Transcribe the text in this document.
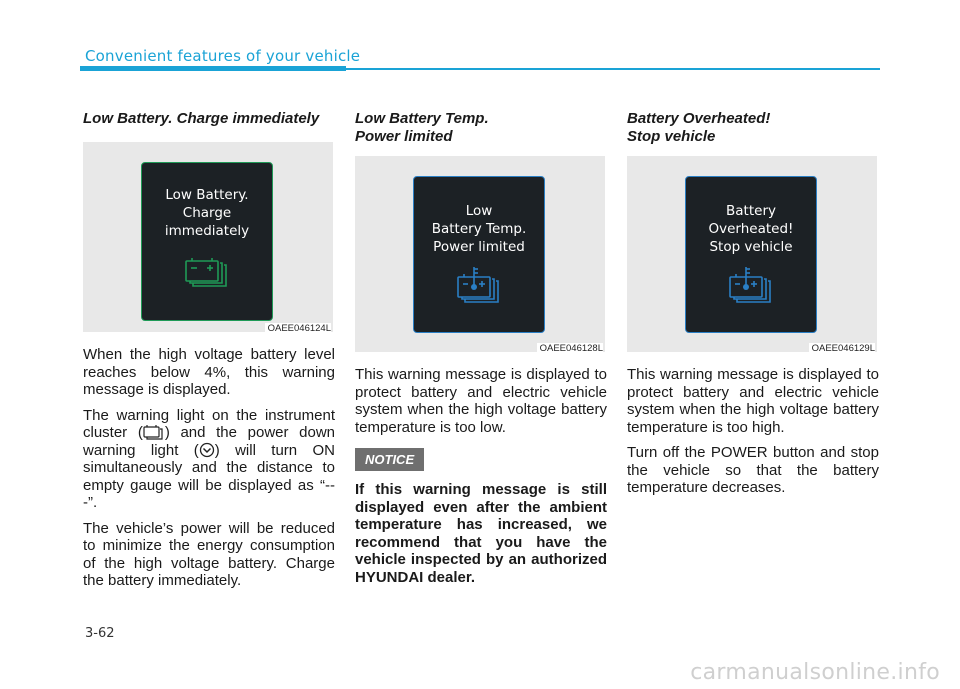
Convenient features of your vehicle
Low Battery. Charge immediately
Low Battery.
Charge
immediately
OAEE046124L

When the high voltage battery level reaches below 4%, this warning message is displayed.

The warning light on the instrument cluster ( ) and the power down warning light ( ) will turn ON simultaneously and the distance to empty gauge will be displayed as “---”.

The vehicle’s power will be reduced to minimize the energy consumption of the high voltage battery. Charge the battery immediately.

Low Battery Temp.
Power limited
Low
Battery Temp.
Power limited
OAEE046128L

This warning message is displayed to protect battery and electric vehicle system when the high voltage battery temperature is too low.

NOTICE

If this warning message is still displayed even after the ambient temperature has increased, we recommend that you have the vehicle inspected by an authorized HYUNDAI dealer.

Battery Overheated!
Stop vehicle
Battery
Overheated!
Stop vehicle
OAEE046129L

This warning message is displayed to protect battery and electric vehicle system when the high voltage battery temperature is too high.

Turn off the POWER button and stop the vehicle so that the battery temperature decreases.

3-62
carmanualsonline.info
